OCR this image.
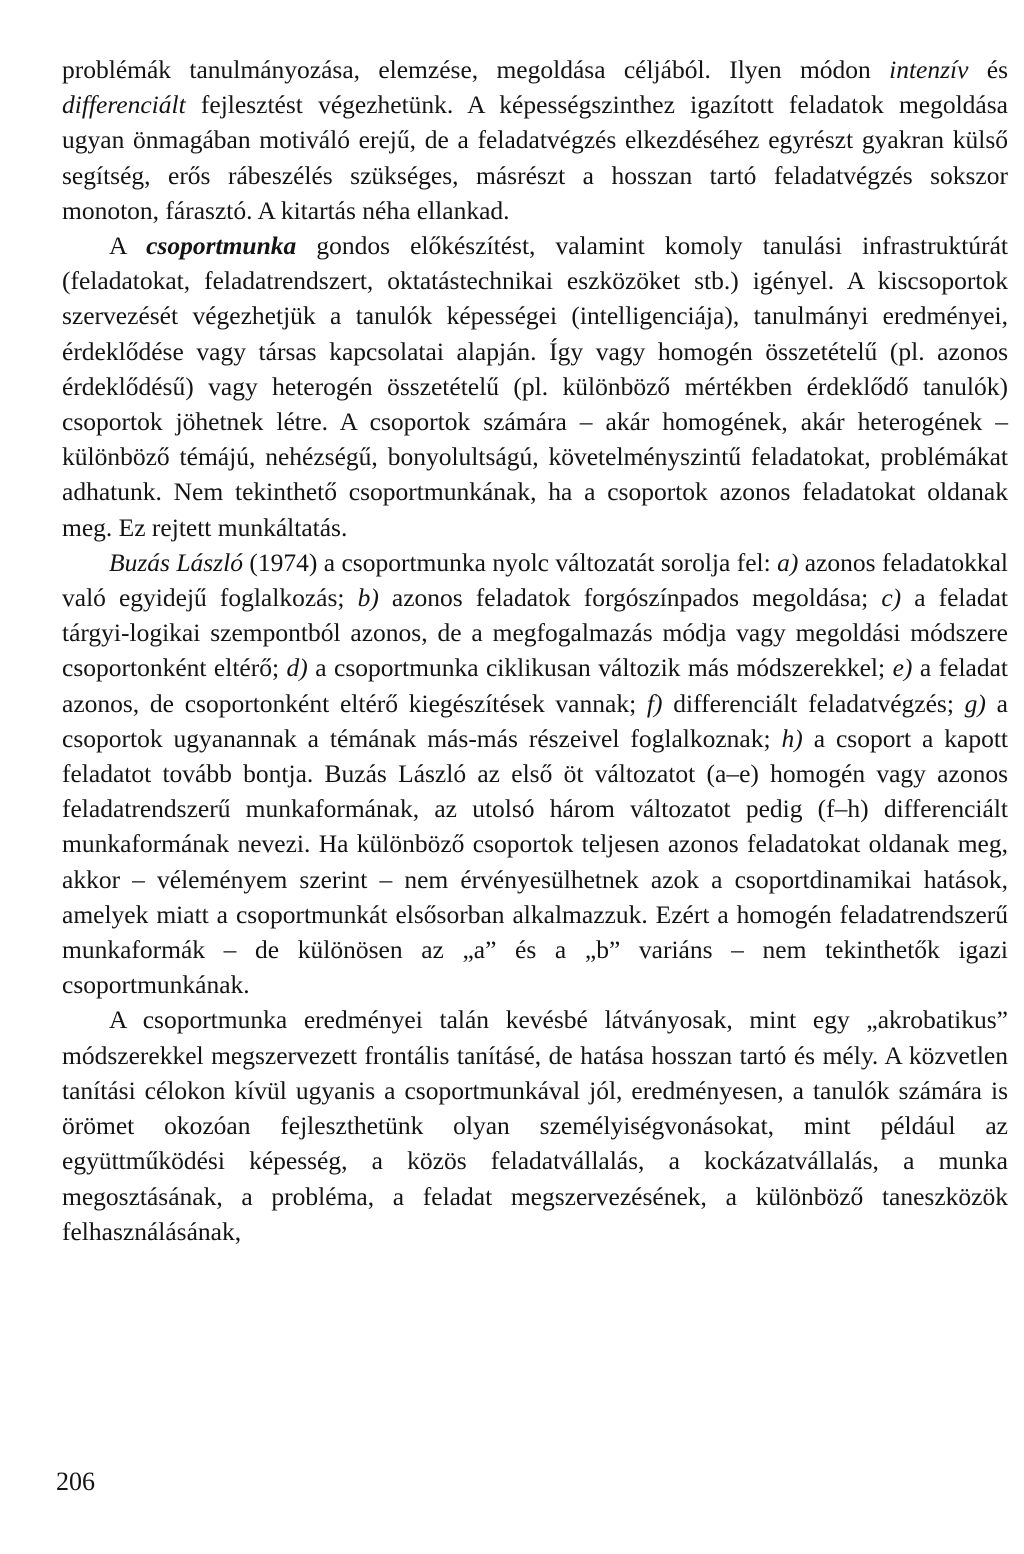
problémák tanulmányozása, elemzése, megoldása céljából. Ilyen módon intenzív és differenciált fejlesztést végezhetünk. A képességszinthez igazított feladatok megoldása ugyan önmagában motiváló erejű, de a feladatvégzés elkezdéséhez egyrészt gyakran külső segítség, erős rábeszélés szükséges, másrészt a hosszan tartó feladatvégzés sokszor monoton, fárasztó. A kitartás néha ellankad.

A csoportmunka gondos előkészítést, valamint komoly tanulási infrastruktúrát (feladatokat, feladatrendszert, oktatástechnikai eszközöket stb.) igényel. A kiscsoportok szervezését végezhetjük a tanulók képességei (intelligenciája), tanulmányi eredményei, érdeklődése vagy társas kapcsolatai alapján. Így vagy homogén összetételű (pl. azonos érdeklődésű) vagy heterogén összetételű (pl. különböző mértékben érdeklődő tanulók) csoportok jöhetnek létre. A csoportok számára – akár homogének, akár heterogének – különböző témájú, nehézségű, bonyolultságú, követelményszintű feladatokat, problémákat adhatunk. Nem tekinthető csoportmunkának, ha a csoportok azonos feladatokat oldanak meg. Ez rejtett munkáltatás.

Buzás László (1974) a csoportmunka nyolc változatát sorolja fel: a) azonos feladatokkal való egyidejű foglalkozás; b) azonos feladatok forgószínpados megoldása; c) a feladat tárgyi-logikai szempontból azonos, de a megfogalmazás módja vagy megoldási módszere csoportonként eltérő; d) a csoportmunka ciklikusan változik más módszerekkel; e) a feladat azonos, de csoportonként eltérő kiegészítések vannak; f) differenciált feladatvégzés; g) a csoportok ugyanannak a témának más-más részeivel foglalkoznak; h) a csoport a kapott feladatot tovább bontja. Buzás László az első öt változatot (a–e) homogén vagy azonos feladatrendszerű munkaformának, az utolsó három változatot pedig (f–h) differenciált munkaformának nevezi. Ha különböző csoportok teljesen azonos feladatokat oldanak meg, akkor – véleményem szerint – nem érvényesülhetnek azok a csoportdinamikai hatások, amelyek miatt a csoportmunkát elsősorban alkalmazzuk. Ezért a homogén feladatrendszerű munkaformák – de különösen az „a” és a „b” variáns – nem tekinthetők igazi csoportmunkának.

A csoportmunka eredményei talán kevésbé látványosak, mint egy „akrobatikus” módszerekkel megszervezett frontális tanításé, de hatása hosszan tartó és mély. A közvetlen tanítási célokon kívül ugyanis a csoportmunkával jól, eredményesen, a tanulók számára is örömet okozóan fejleszthetünk olyan személyiségvonásokat, mint például az együttműködési képesség, a közös feladatvállalás, a kockázatvállalás, a munka megosztásának, a probléma, a feladat megszervezésének, a különböző taneszközök felhasználásának,

206
